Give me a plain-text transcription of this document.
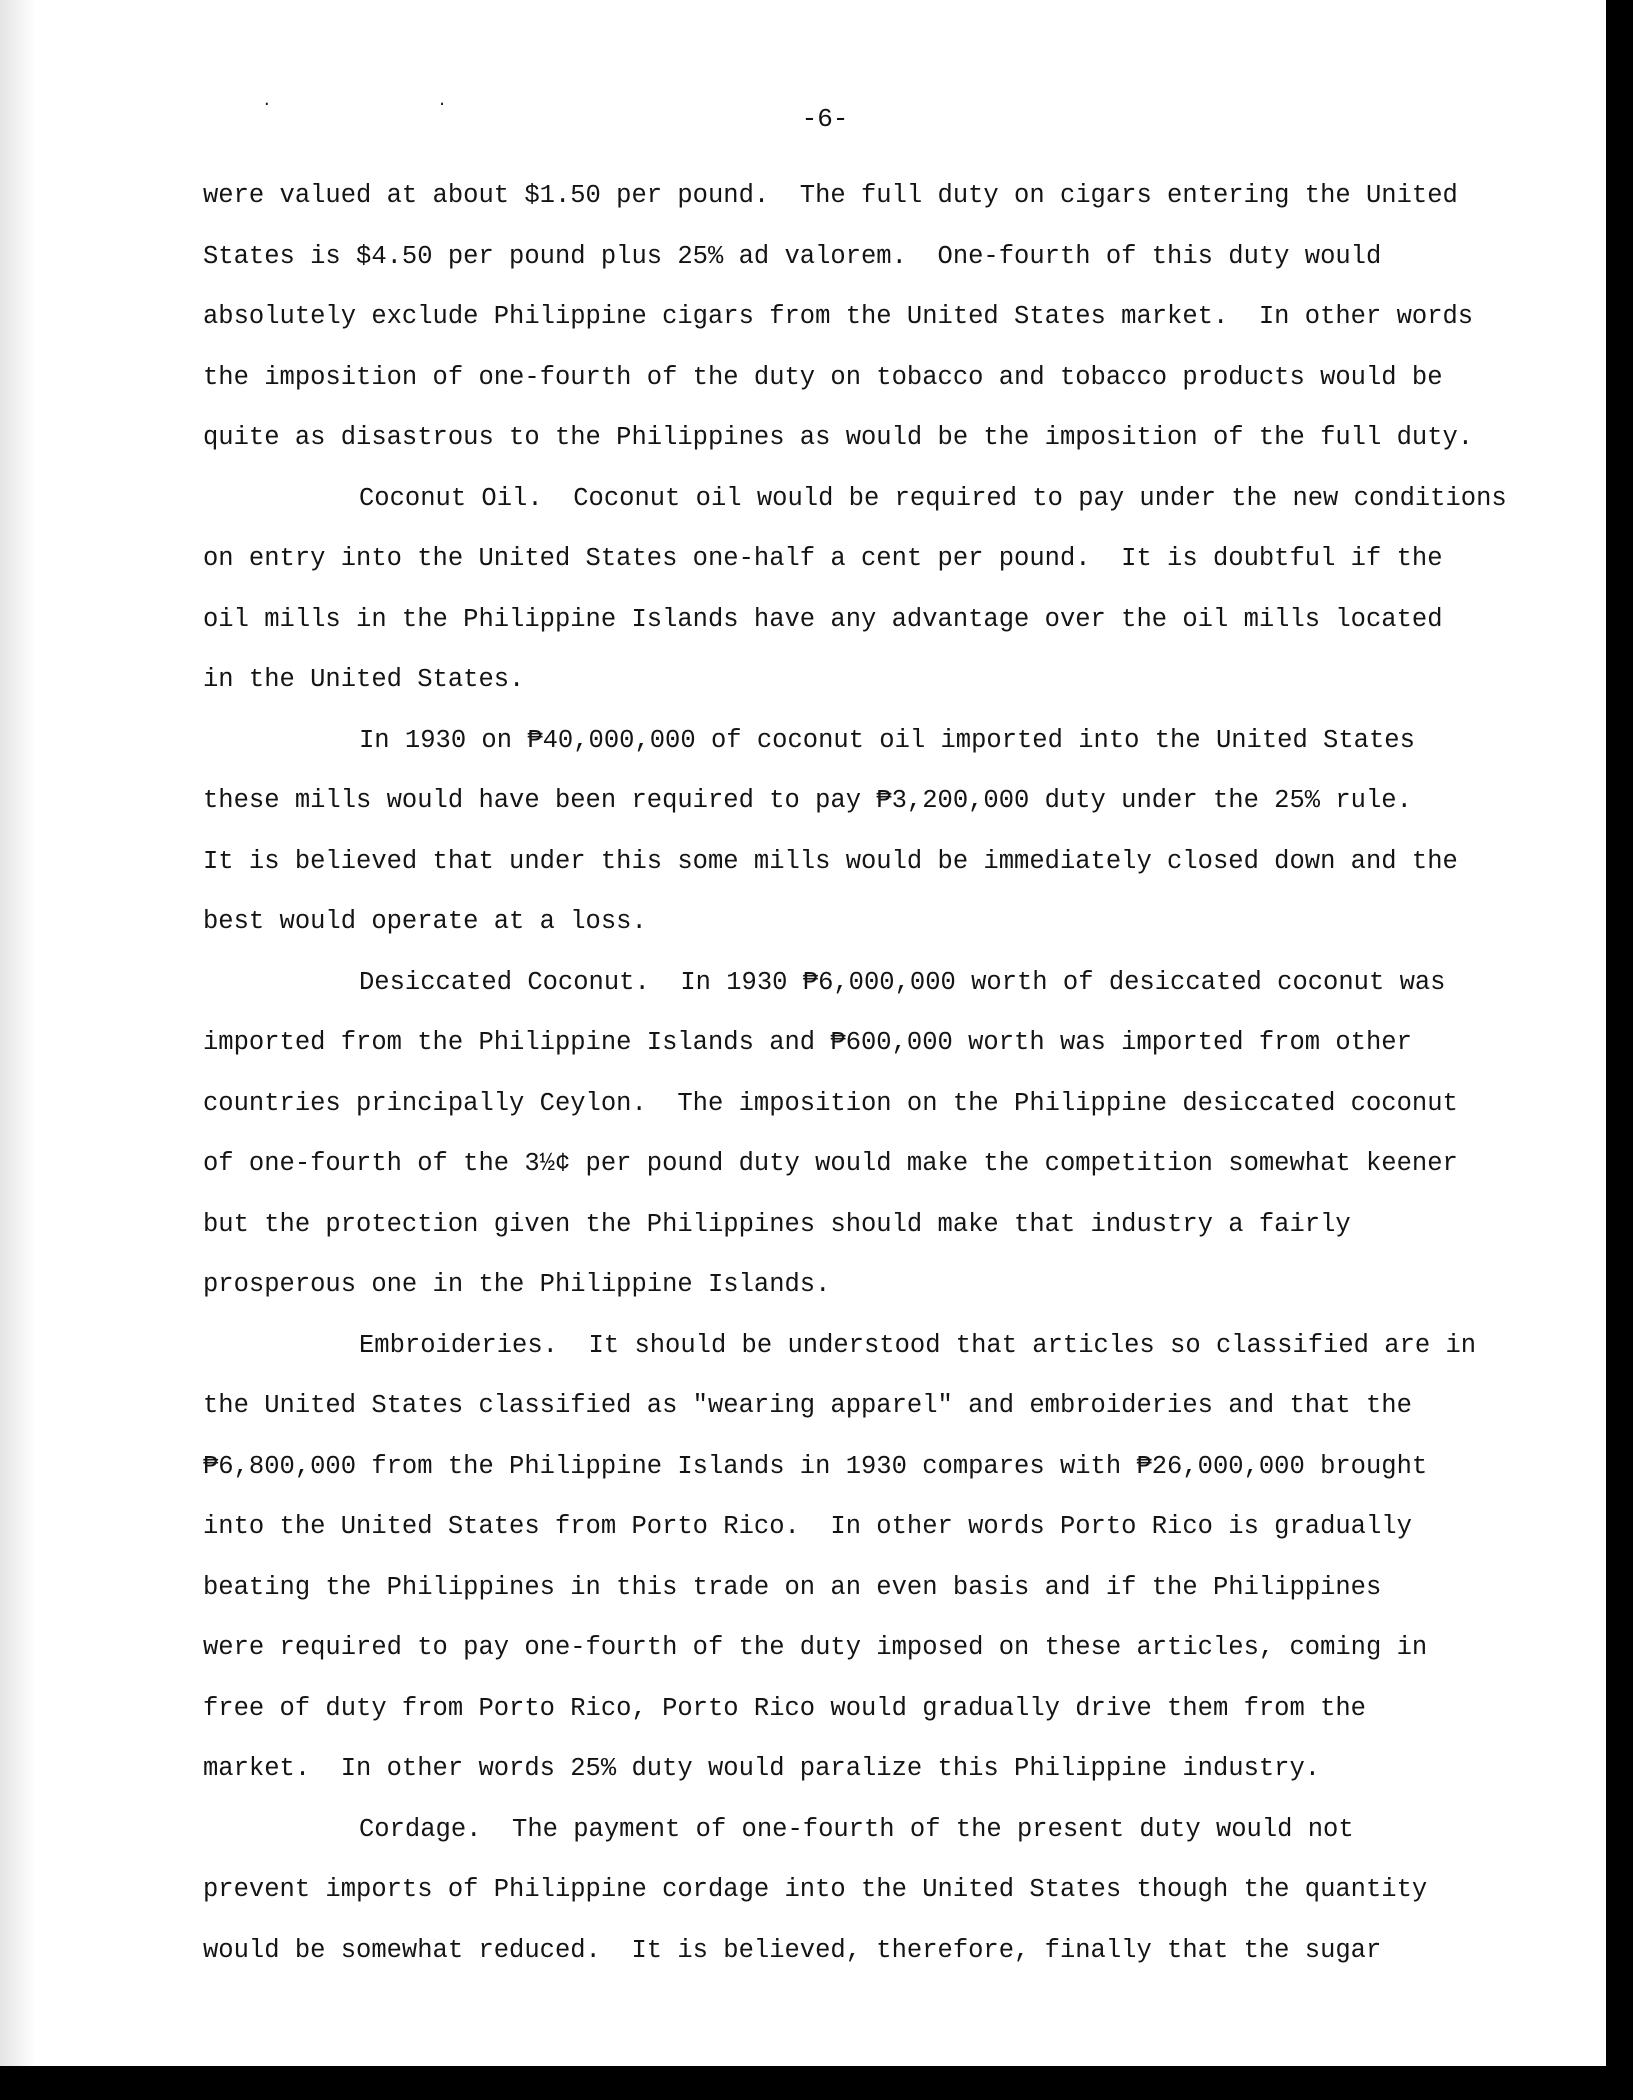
. .
-6-
were valued at about $1.50 per pound.  The full duty on cigars entering the United
States is $4.50 per pound plus 25% ad valorem.  One-fourth of this duty would
absolutely exclude Philippine cigars from the United States market.  In other words
the imposition of one-fourth of the duty on tobacco and tobacco products would be
quite as disastrous to the Philippines as would be the imposition of the full duty.
Coconut Oil.  Coconut oil would be required to pay under the new conditions
on entry into the United States one-half a cent per pound.  It is doubtful if the
oil mills in the Philippine Islands have any advantage over the oil mills located
in the United States.
In 1930 on ₱40,000,000 of coconut oil imported into the United States
these mills would have been required to pay ₱3,200,000 duty under the 25% rule.
It is believed that under this some mills would be immediately closed down and the
best would operate at a loss.
Desiccated Coconut.  In 1930 ₱6,000,000 worth of desiccated coconut was
imported from the Philippine Islands and ₱600,000 worth was imported from other
countries principally Ceylon.  The imposition on the Philippine desiccated coconut
of one-fourth of the 3½¢ per pound duty would make the competition somewhat keener
but the protection given the Philippines should make that industry a fairly
prosperous one in the Philippine Islands.
Embroideries.  It should be understood that articles so classified are in
the United States classified as "wearing apparel" and embroideries and that the
₱6,800,000 from the Philippine Islands in 1930 compares with ₱26,000,000 brought
into the United States from Porto Rico.  In other words Porto Rico is gradually
beating the Philippines in this trade on an even basis and if the Philippines
were required to pay one-fourth of the duty imposed on these articles, coming in
free of duty from Porto Rico, Porto Rico would gradually drive them from the
market.  In other words 25% duty would paralize this Philippine industry.
Cordage.  The payment of one-fourth of the present duty would not
prevent imports of Philippine cordage into the United States though the quantity
would be somewhat reduced.  It is believed, therefore, finally that the sugar
